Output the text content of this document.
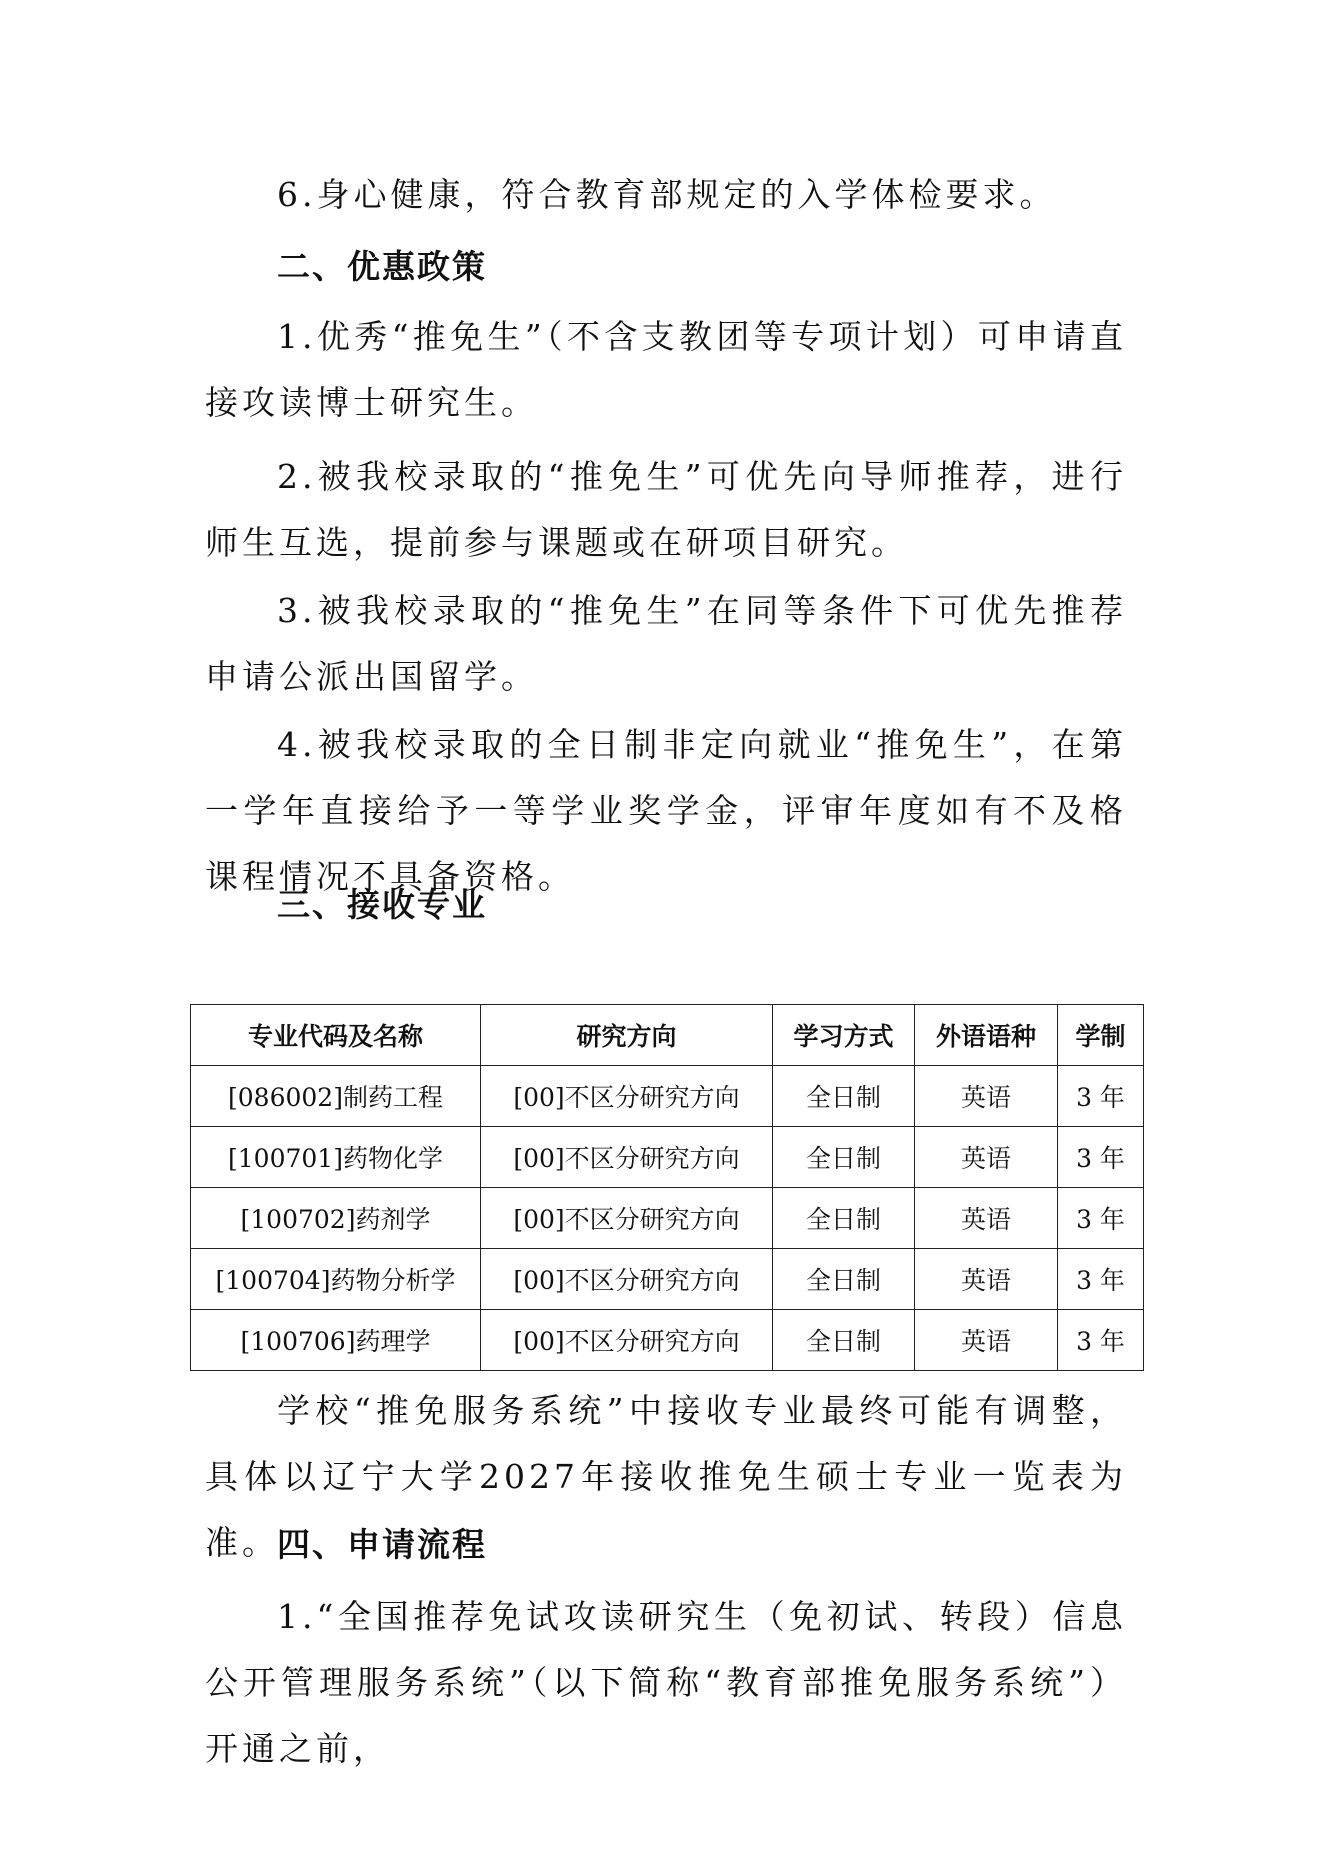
6.身心健康，符合教育部规定的入学体检要求。

二、优惠政策

1.优秀“推免生”（不含支教团等专项计划）可申请直接攻读博士研究生。

2.被我校录取的“推免生”可优先向导师推荐，进行师生互选，提前参与课题或在研项目研究。

3.被我校录取的“推免生”在同等条件下可优先推荐申请公派出国留学。

4.被我校录取的全日制非定向就业“推免生”，在第一学年直接给予一等学业奖学金，评审年度如有不及格课程情况不具备资格。

三、接收专业

专业代码及名称	研究方向	学习方式	外语语种	学制
[086002]制药工程	[00]不区分研究方向	全日制	英语	3 年
[100701]药物化学	[00]不区分研究方向	全日制	英语	3 年
[100702]药剂学	[00]不区分研究方向	全日制	英语	3 年
[100704]药物分析学	[00]不区分研究方向	全日制	英语	3 年
[100706]药理学	[00]不区分研究方向	全日制	英语	3 年

学校“推免服务系统”中接收专业最终可能有调整，具体以辽宁大学2027年接收推免生硕士专业一览表为准。

四、申请流程

1.“全国推荐免试攻读研究生（免初试、转段）信息公开管理服务系统”（以下简称“教育部推免服务系统”）开通之前，
